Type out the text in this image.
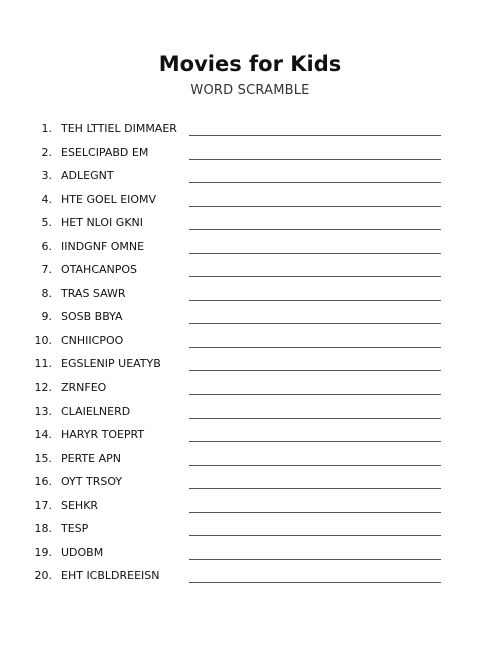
Movies for Kids
WORD SCRAMBLE
1. TEH LTTIEL DIMMAER
2. ESELCIPABD EM
3. ADLEGNT
4. HTE GOEL EIOMV
5. HET NLOI GKNI
6. IINDGNF OMNE
7. OTAHCANPOS
8. TRAS SAWR
9. SOSB BBYA
10. CNHIICPOO
11. EGSLENIP UEATYB
12. ZRNFEO
13. CLAIELNERD
14. HARYR TOEPRT
15. PERTE APN
16. OYT TRSOY
17. SEHKR
18. TESP
19. UDOBM
20. EHT ICBLDREEISN
